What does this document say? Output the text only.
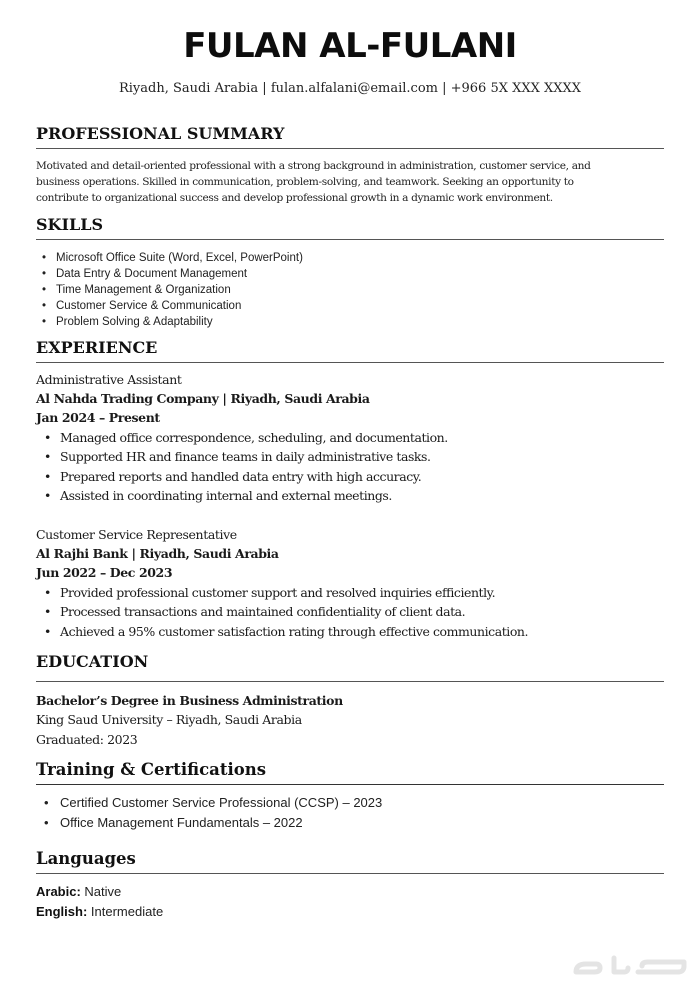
FULAN AL-FULANI
Riyadh, Saudi Arabia | fulan.alfalani@email.com | +966 5X XXX XXXX
PROFESSIONAL SUMMARY
Motivated and detail-oriented professional with a strong background in administration, customer service, and
business operations. Skilled in communication, problem-solving, and teamwork. Seeking an opportunity to
contribute to organizational success and develop professional growth in a dynamic work environment.
SKILLS
• Microsoft Office Suite (Word, Excel, PowerPoint)
• Data Entry & Document Management
• Time Management & Organization
• Customer Service & Communication
• Problem Solving & Adaptability
EXPERIENCE
Administrative Assistant
Al Nahda Trading Company | Riyadh, Saudi Arabia
Jan 2024 – Present
• Managed office correspondence, scheduling, and documentation.
• Supported HR and finance teams in daily administrative tasks.
• Prepared reports and handled data entry with high accuracy.
• Assisted in coordinating internal and external meetings.
Customer Service Representative
Al Rajhi Bank | Riyadh, Saudi Arabia
Jun 2022 – Dec 2023
• Provided professional customer support and resolved inquiries efficiently.
• Processed transactions and maintained confidentiality of client data.
• Achieved a 95% customer satisfaction rating through effective communication.
EDUCATION
Bachelor’s Degree in Business Administration
King Saud University – Riyadh, Saudi Arabia
Graduated: 2023
Training & Certifications
• Certified Customer Service Professional (CCSP) – 2023
• Office Management Fundamentals – 2022
Languages
Arabic: Native
English: Intermediate
